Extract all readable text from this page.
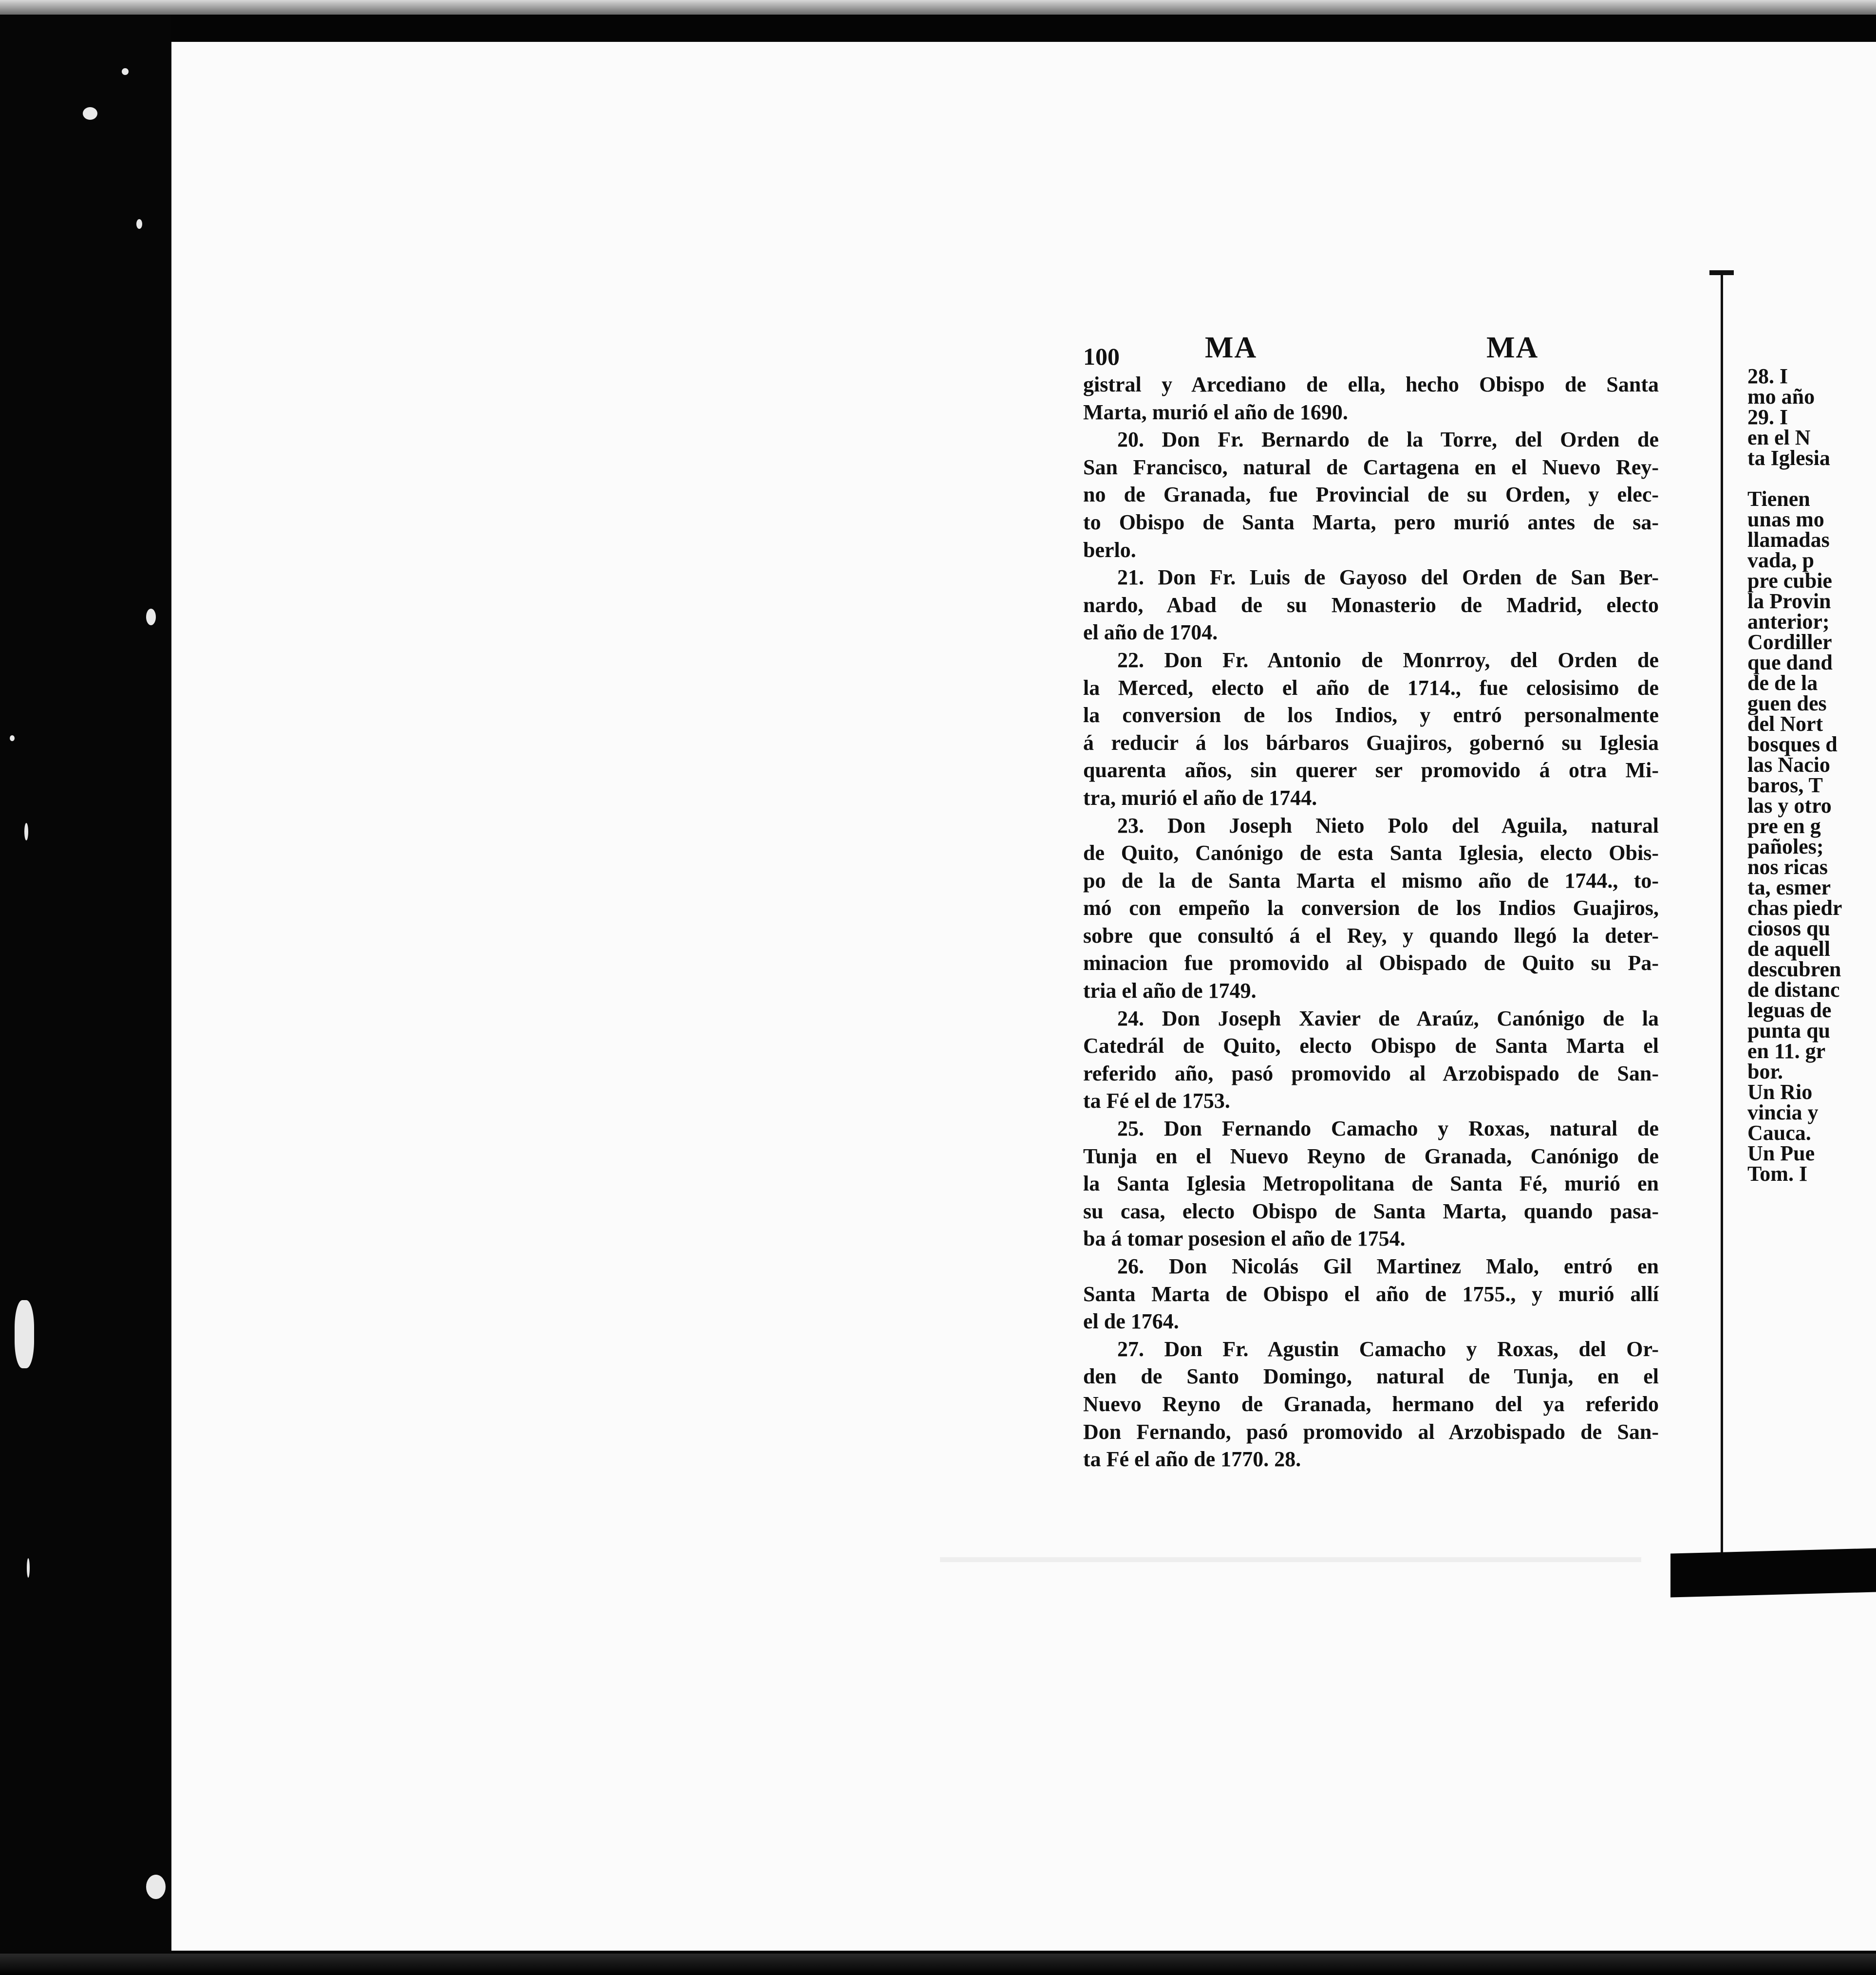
100	MA	MA
gistral y Arcediano de ella, hecho Obispo de Santa
Marta, murió el año de 1690.
20. Don Fr. Bernardo de la Torre, del Orden de
San Francisco, natural de Cartagena en el Nuevo Rey-
no de Granada, fue Provincial de su Orden, y elec-
to Obispo de Santa Marta, pero murió antes de sa-
berlo.
21. Don Fr. Luis de Gayoso del Orden de San Ber-
nardo, Abad de su Monasterio de Madrid, electo
el año de 1704.
22. Don Fr. Antonio de Monrroy, del Orden de
la Merced, electo el año de 1714., fue celosisimo de
la conversion de los Indios, y entró personalmente
á reducir á los bárbaros Guajiros, gobernó su Iglesia
quarenta años, sin querer ser promovido á otra Mi-
tra, murió el año de 1744.
23. Don Joseph Nieto Polo del Aguila, natural
de Quito, Canónigo de esta Santa Iglesia, electo Obis-
po de la de Santa Marta el mismo año de 1744., to-
mó con empeño la conversion de los Indios Guajiros,
sobre que consultó á el Rey, y quando llegó la deter-
minacion fue promovido al Obispado de Quito su Pa-
tria el año de 1749.
24. Don Joseph Xavier de Araúz, Canónigo de la
Catedrál de Quito, electo Obispo de Santa Marta el
referido año, pasó promovido al Arzobispado de San-
ta Fé el de 1753.
25. Don Fernando Camacho y Roxas, natural de
Tunja en el Nuevo Reyno de Granada, Canónigo de
la Santa Iglesia Metropolitana de Santa Fé, murió en
su casa, electo Obispo de Santa Marta, quando pasa-
ba á tomar posesion el año de 1754.
26. Don Nicolás Gil Martinez Malo, entró en
Santa Marta de Obispo el año de 1755., y murió allí
el de 1764.
27. Don Fr. Agustin Camacho y Roxas, del Or-
den de Santo Domingo, natural de Tunja, en el
Nuevo Reyno de Granada, hermano del ya referido
Don Fernando, pasó promovido al Arzobispado de San-
ta Fé el año de 1770. 28.
28. I
mo año
29. I
en el N
ta Iglesia
Tienen
unas mo
llamadas
vada, p
pre cubie
la Provin
anterior;
Cordiller
que dand
de de la
guen des
del Nort
bosques d
las Nacio
baros, T
las y otro
pre en g
pañoles;
nos ricas
ta, esmer
chas piedr
ciosos qu
de aquell
descubren
de distanc
leguas de
punta qu
en 11. gr
bor.
Un Rio
vincia y
Cauca.
Un Pue
Tom. I
